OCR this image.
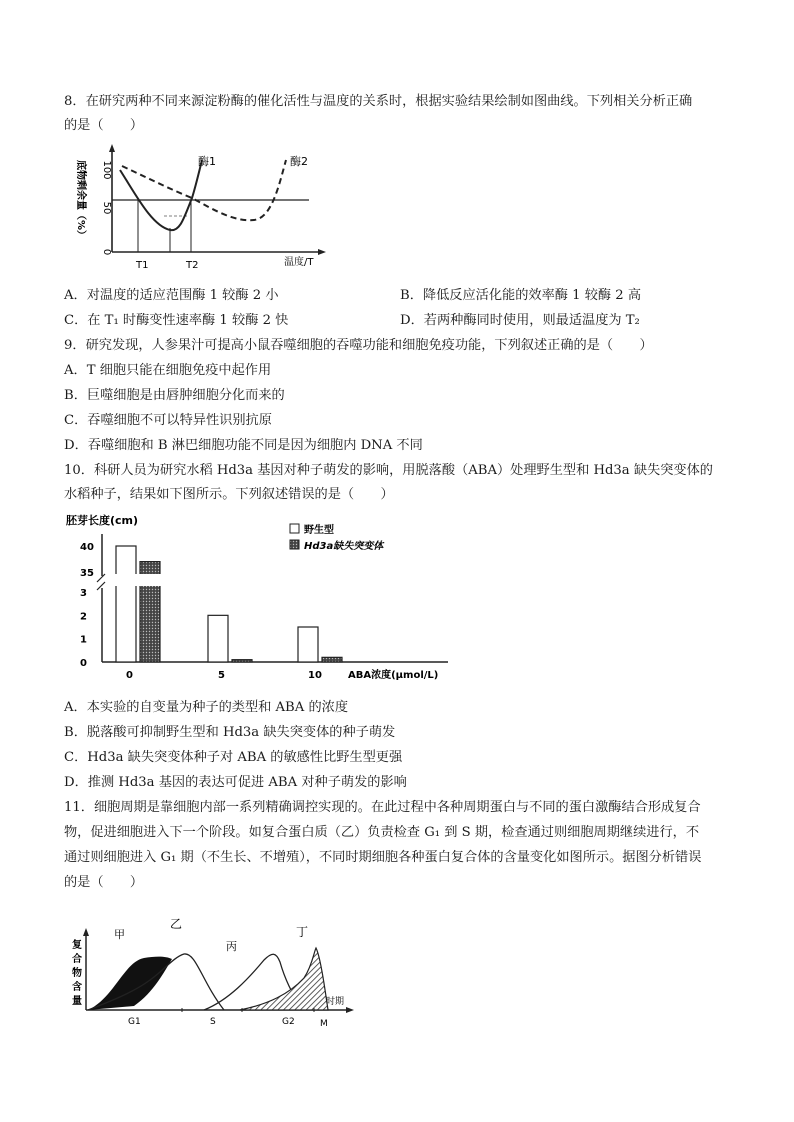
8．在研究两种不同来源淀粉酶的催化活性与温度的关系时，根据实验结果绘制如图曲线。下列相关分析正确
的是（　　）
底物剩余量（%） 100
50
0
T1	T2	温度/T
酶1	酶2
A．对温度的适应范围酶 1 较酶 2 小	B．降低反应活化能的效率酶 1 较酶 2 高
C．在 T₁ 时酶变性速率酶 1 较酶 2 快	D．若两种酶同时使用，则最适温度为 T₂
9．研究发现，人参果汁可提高小鼠吞噬细胞的吞噬功能和细胞免疫功能，下列叙述正确的是（　　）
A．T 细胞只能在细胞免疫中起作用
B．巨噬细胞是由唇肿细胞分化而来的
C．吞噬细胞不可以特异性识别抗原
D．吞噬细胞和 B 淋巴细胞功能不同是因为细胞内 DNA 不同
10．科研人员为研究水稻 Hd3a 基因对种子萌发的影响，用脱落酸（ABA）处理野生型和 Hd3a 缺失突变体的
水稻种子，结果如下图所示。下列叙述错误的是（　　）
胚芽长度(cm)
0
1
2
3
35
40
0	5	10
野生型
Hd3a缺失突变体
ABA浓度(μmol/L)
A．本实验的自变量为种子的类型和 ABA 的浓度
B．脱落酸可抑制野生型和 Hd3a 缺失突变体的种子萌发
C．Hd3a 缺失突变体种子对 ABA 的敏感性比野生型更强
D．推测 Hd3a 基因的表达可促进 ABA 对种子萌发的影响
11．细胞周期是靠细胞内部一系列精确调控实现的。在此过程中各种周期蛋白与不同的蛋白激酶结合形成复合
物，促进细胞进入下一个阶段。如复合蛋白质（乙）负责检查 G₁ 到 S 期，检查通过则细胞周期继续进行，不
通过则细胞进入 G₁ 期（不生长、不增殖），不同时期细胞各种蛋白复合体的含量变化如图所示。据图分析错误
的是（　　）
复
合
物
含
量
甲
乙
丙
丁
时期
G1	S	G2	M
